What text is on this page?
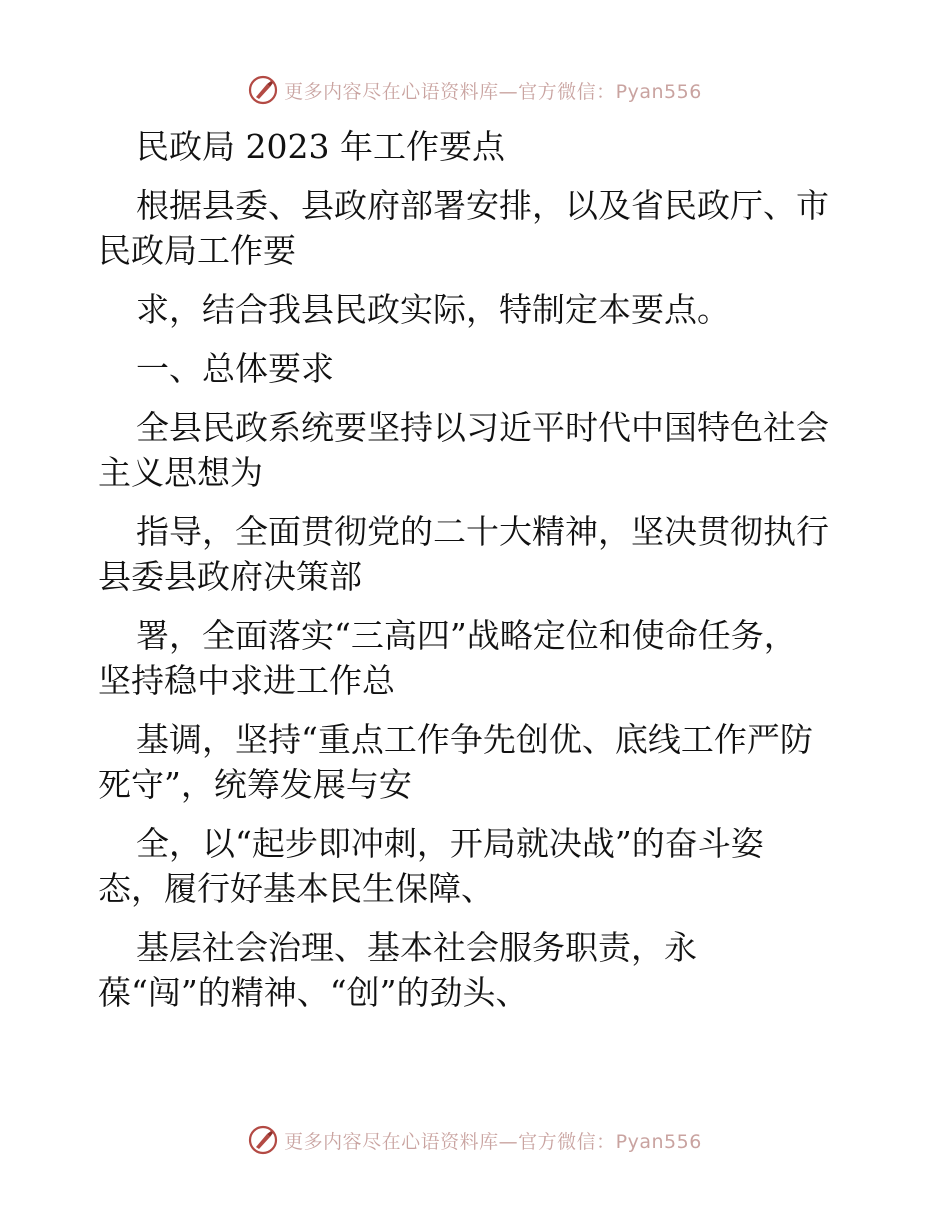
更多内容尽在心语资料库—官方微信：Pyan556

民政局 2023 年工作要点

根据县委、县政府部署安排，以及省民政厅、市

民政局工作要

求，结合我县民政实际，特制定本要点。

一、总体要求

全县民政系统要坚持以习近平时代中国特色社会

主义思想为

指导，全面贯彻党的二十大精神，坚决贯彻执行

县委县政府决策部

署，全面落实“三高四”战略定位和使命任务，

坚持稳中求进工作总

基调，坚持“重点工作争先创优、底线工作严防

死守”，统筹发展与安

全，以“起步即冲刺，开局就决战”的奋斗姿

态，履行好基本民生保障、

基层社会治理、基本社会服务职责，永

葆“闯”的精神、“创”的劲头、

更多内容尽在心语资料库—官方微信：Pyan556
